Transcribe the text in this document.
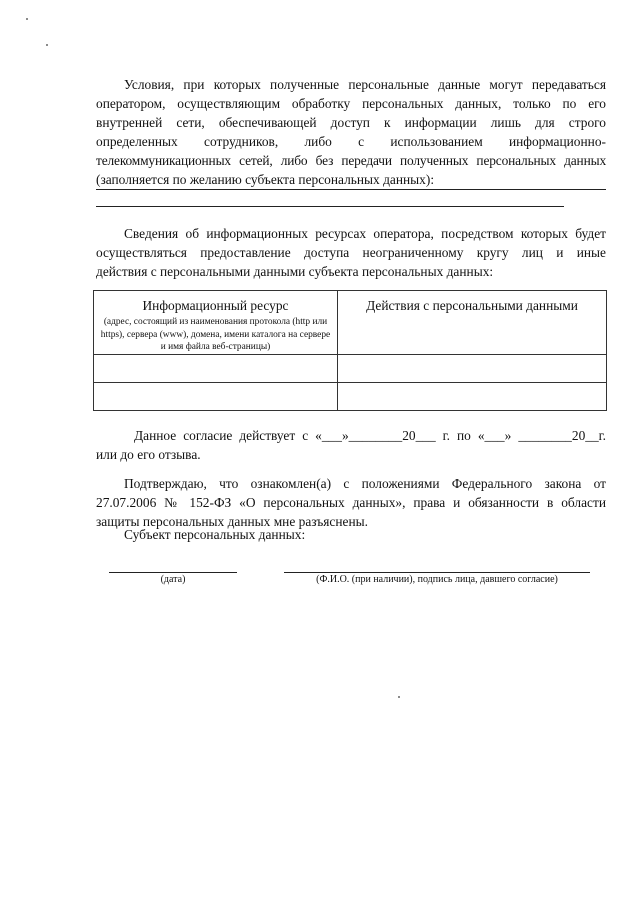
Условия, при которых полученные персональные данные могут передаваться
оператором, осуществляющим обработку персональных данных, только по его
внутренней сети, обеспечивающей доступ к информации лишь для строго
определенных сотрудников, либо с использованием информационно-
телекоммуникационных сетей, либо без передачи полученных персональных данных
(заполняется по желанию субъекта персональных данных):
Сведения об информационных ресурсах оператора, посредством которых будет
осуществляться предоставление доступа неограниченному кругу лиц и иные
действия с персональными данными субъекта персональных данных:
Информационный ресурс
(адрес, состоящий из наименования протокола (http или https), сервера (www), домена, имени каталога на сервере и имя файла веб-страницы)	Действия с персональными данными

Данное согласие действует с «___»________20___ г. по «___» ________20__г.
или до его отзыва.
Подтверждаю, что ознакомлен(а) с положениями Федерального закона от
27.07.2006 № 152-ФЗ «О персональных данных», права и обязанности в области
защиты персональных данных мне разъяснены.
Субъект персональных данных:
(дата)	(Ф.И.О. (при наличии), подпись лица, давшего согласие)
